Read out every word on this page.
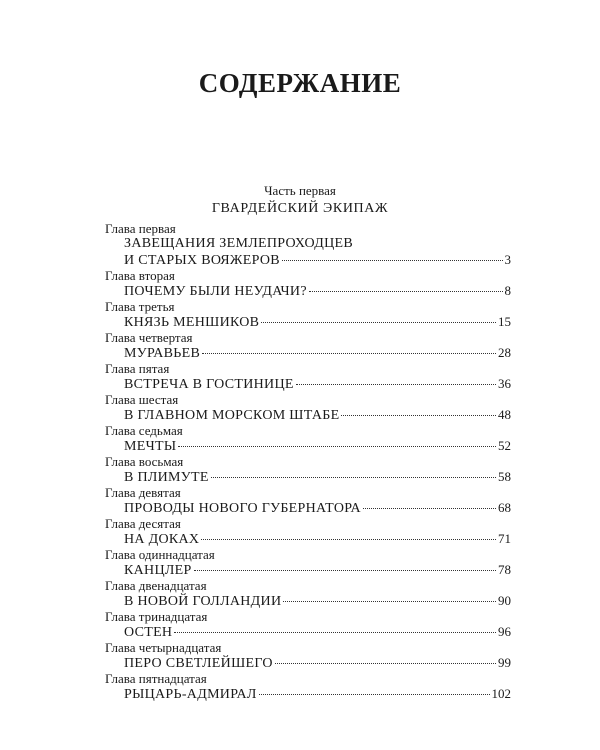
СОДЕРЖАНИЕ
Часть первая
ГВАРДЕЙСКИЙ ЭКИПАЖ
Глава первая
ЗАВЕЩАНИЯ ЗЕМЛЕПРОХОДЦЕВ
И СТАРЫХ ВОЯЖЕРОВ	3
Глава вторая
ПОЧЕМУ БЫЛИ НЕУДАЧИ?	8
Глава третья
КНЯЗЬ МЕНШИКОВ	15
Глава четвертая
МУРАВЬЕВ	28
Глава пятая
ВСТРЕЧА В ГОСТИНИЦЕ	36
Глава шестая
В ГЛАВНОМ МОРСКОМ ШТАБЕ	48
Глава седьмая
МЕЧТЫ	52
Глава восьмая
В ПЛИМУТЕ	58
Глава девятая
ПРОВОДЫ НОВОГО ГУБЕРНАТОРА	68
Глава десятая
НА ДОКАХ	71
Глава одиннадцатая
КАНЦЛЕР	78
Глава двенадцатая
В НОВОЙ ГОЛЛАНДИИ	90
Глава тринадцатая
ОСТЕН	96
Глава четырнадцатая
ПЕРО СВЕТЛЕЙШЕГО	99
Глава пятнадцатая
РЫЦАРЬ-АДМИРАЛ	102
